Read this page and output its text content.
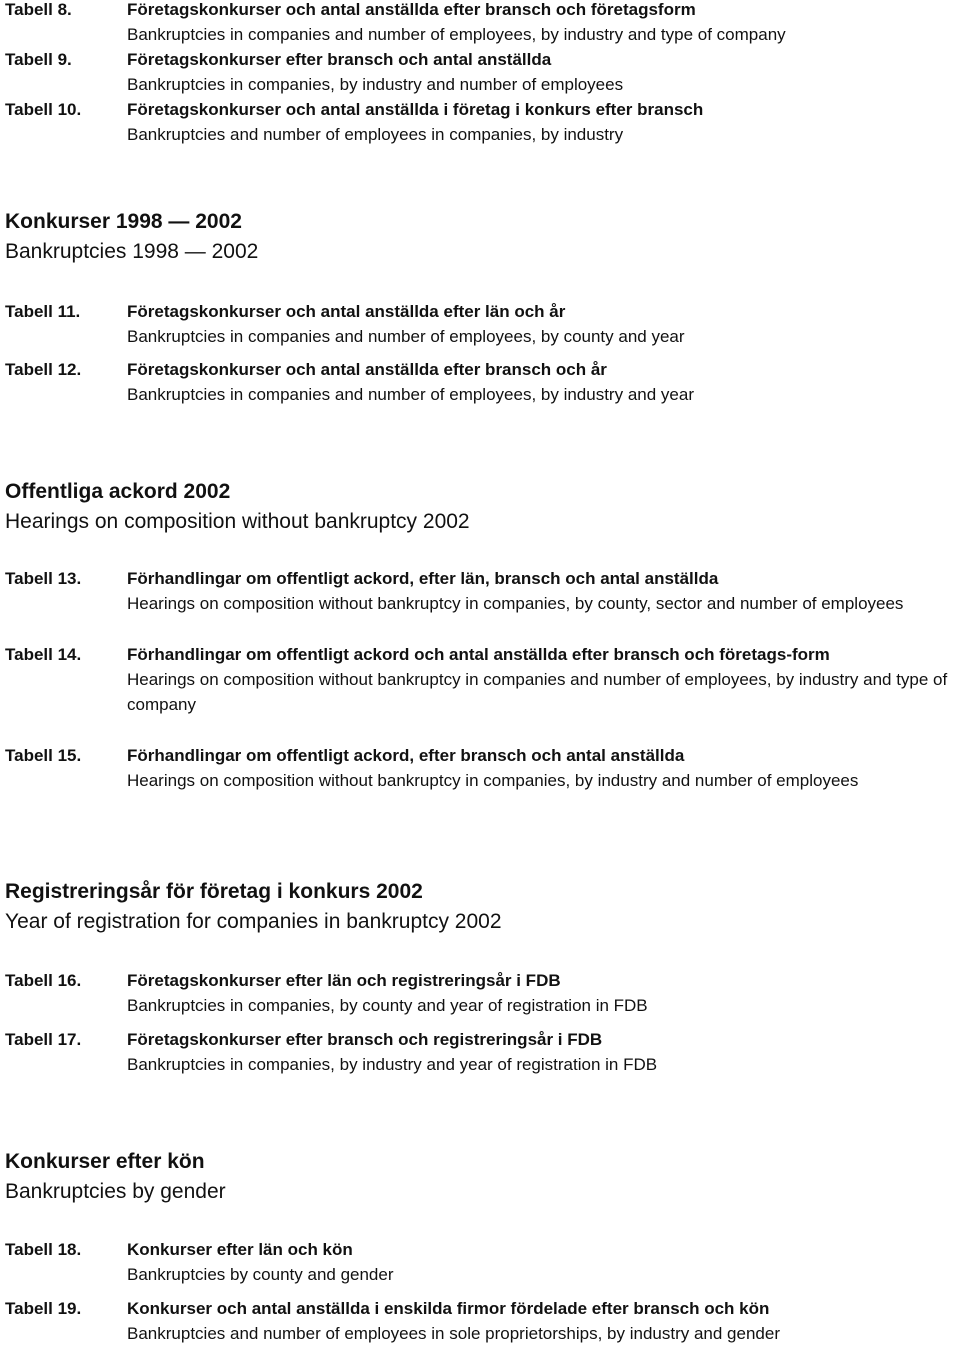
Tabell 8.	Företagskonkurser och antal anställda efter bransch och företagsform
Bankruptcies in companies and number of employees, by industry and type of company
Tabell 9.	Företagskonkurser efter bransch och antal anställda
Bankruptcies in companies, by industry and number of employees
Tabell 10.	Företagskonkurser och antal anställda i företag i konkurs efter bransch
Bankruptcies and number of employees in companies, by industry
Konkurser 1998 — 2002
Bankruptcies 1998 — 2002
Tabell 11.	Företagskonkurser och antal anställda efter län och år
Bankruptcies in companies and number of employees, by county and year
Tabell 12.	Företagskonkurser och antal anställda efter bransch och år
Bankruptcies in companies and number of employees, by industry and year
Offentliga ackord 2002
Hearings on composition without bankruptcy 2002
Tabell 13.	Förhandlingar om offentligt ackord, efter län, bransch och antal anställda
Hearings on composition without bankruptcy in companies, by county, sector and number of employees
Tabell 14.	Förhandlingar om offentligt ackord och antal anställda efter bransch och företags-form
Hearings on composition without bankruptcy in companies and number of employees, by industry and type of company
Tabell 15.	Förhandlingar om offentligt ackord, efter bransch och antal anställda
Hearings on composition without bankruptcy in companies, by industry and number of employees
Registreringsår för företag i konkurs 2002
Year of registration for companies in bankruptcy 2002
Tabell 16.	Företagskonkurser efter län och registreringsår i FDB
Bankruptcies in companies, by county and year of registration in FDB
Tabell 17.	Företagskonkurser efter bransch och registreringsår i FDB
Bankruptcies in companies, by industry and year of registration in FDB
Konkurser efter kön
Bankruptcies by gender
Tabell 18.	Konkurser efter län och kön
Bankruptcies by county and gender
Tabell 19.	Konkurser och antal anställda i enskilda firmor fördelade efter bransch och kön
Bankruptcies and number of employees in sole proprietorships, by industry and gender
